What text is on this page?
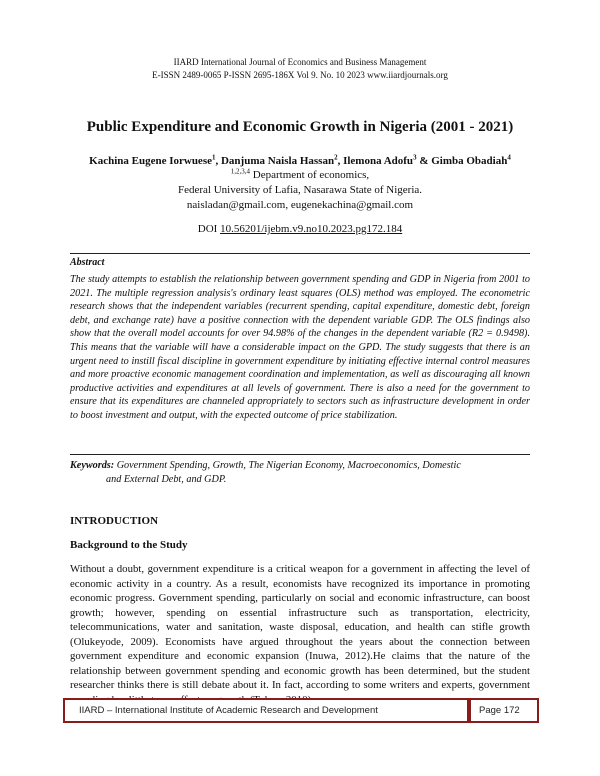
IIARD International Journal of Economics and Business Management
E-ISSN 2489-0065 P-ISSN 2695-186X Vol 9. No. 10 2023 www.iiardjournals.org
Public Expenditure and Economic Growth in Nigeria (2001 - 2021)
Kachina Eugene Iorwuese$^1$, Danjuma Naisla Hassan$^2$, Ilemona Adofu$^3$ & Gimba Obadiah$^4$
$^{1,2,3,4}$ Department of economics,
Federal University of Lafia, Nasarawa State of Nigeria.
naisladan@gmail.com, eugenekachina@gmail.com
DOI 10.56201/ijebm.v9.no10.2023.pg172.184
Abstract
The study attempts to establish the relationship between government spending and GDP in Nigeria from 2001 to 2021. The multiple regression analysis's ordinary least squares (OLS) method was employed. The econometric research shows that the independent variables (recurrent spending, capital expenditure, domestic debt, foreign debt, and exchange rate) have a positive connection with the dependent variable GDP. The OLS findings also show that the overall model accounts for over 94.98% of the changes in the dependent variable (R2 = 0.9498). This means that the variable will have a considerable impact on the GPD. The study suggests that there is an urgent need to instill fiscal discipline in government expenditure by initiating effective internal control measures and more proactive economic management coordination and implementation, as well as discouraging all known productive activities and expenditures at all levels of government. There is also a need for the government to ensure that its expenditures are channeled appropriately to sectors such as infrastructure development in order to boost investment and output, with the expected outcome of price stabilization.
Keywords: Government Spending, Growth, The Nigerian Economy, Macroeconomics, Domestic
and External Debt, and GDP.
INTRODUCTION
Background to the Study
Without a doubt, government expenditure is a critical weapon for a government in affecting the level of economic activity in a country. As a result, economists have recognized its importance in promoting economic progress. Government spending, particularly on social and economic infrastructure, can boost growth; however, spending on essential infrastructure such as transportation, electricity, telecommunications, water and sanitation, waste disposal, education, and health can stifle growth (Olukeyode, 2009). Economists have argued throughout the years about the connection between government expenditure and economic expansion (Inuwa, 2012).He claims that the nature of the relationship between government spending and economic growth has been determined, but the student researcher thinks there is still debate about it. In fact, according to some writers and experts, government
IIARD – International Institute of Academic Research and Development	Page 172
